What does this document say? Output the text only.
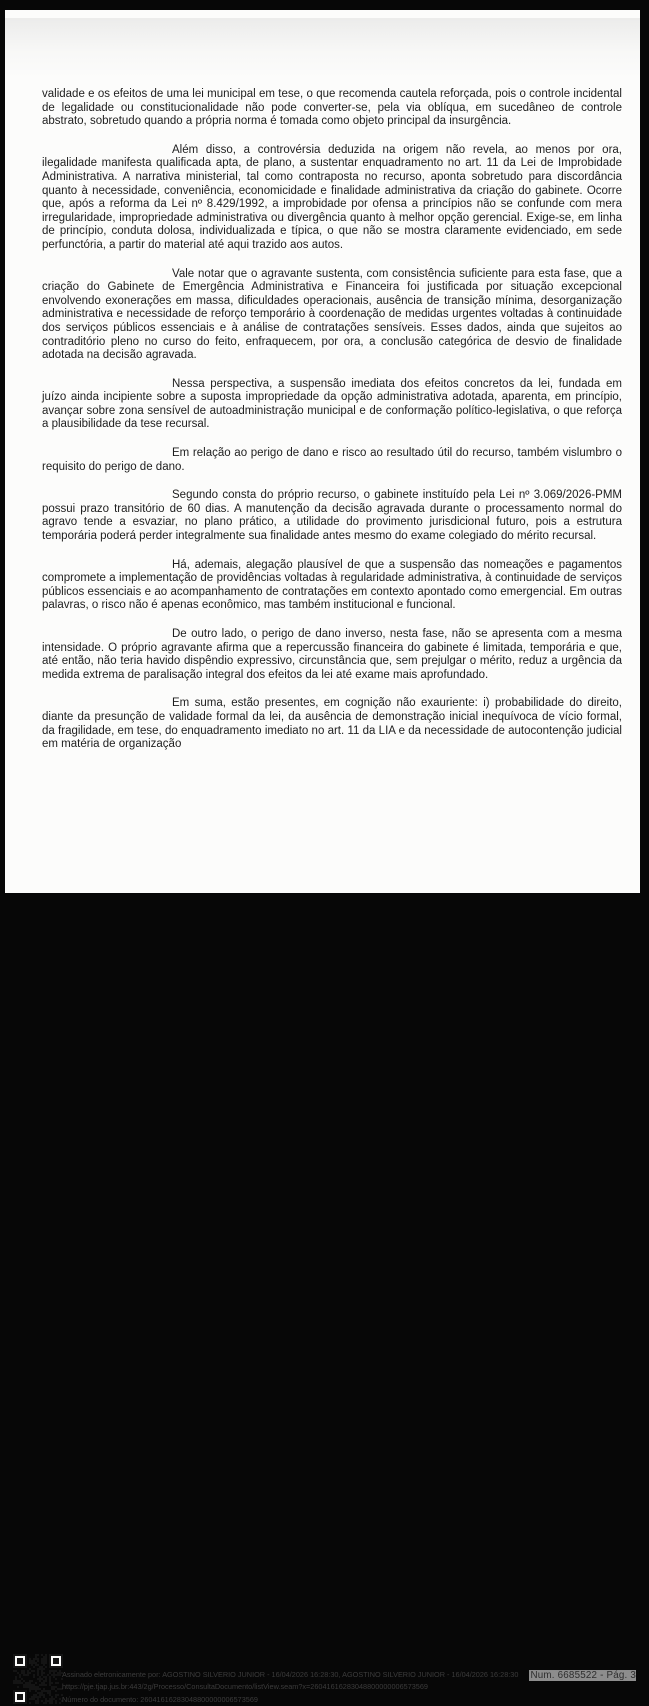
validade e os efeitos de uma lei municipal em tese, o que recomenda cautela reforçada, pois o controle incidental de legalidade ou constitucionalidade não pode converter-se, pela via oblíqua, em sucedâneo de controle abstrato, sobretudo quando a própria norma é tomada como objeto principal da insurgência.

Além disso, a controvérsia deduzida na origem não revela, ao menos por ora, ilegalidade manifesta qualificada apta, de plano, a sustentar enquadramento no art. 11 da Lei de Improbidade Administrativa. A narrativa ministerial, tal como contraposta no recurso, aponta sobretudo para discordância quanto à necessidade, conveniência, economicidade e finalidade administrativa da criação do gabinete. Ocorre que, após a reforma da Lei nº 8.429/1992, a improbidade por ofensa a princípios não se confunde com mera irregularidade, impropriedade administrativa ou divergência quanto à melhor opção gerencial. Exige-se, em linha de princípio, conduta dolosa, individualizada e típica, o que não se mostra claramente evidenciado, em sede perfunctória, a partir do material até aqui trazido aos autos.

Vale notar que o agravante sustenta, com consistência suficiente para esta fase, que a criação do Gabinete de Emergência Administrativa e Financeira foi justificada por situação excepcional envolvendo exonerações em massa, dificuldades operacionais, ausência de transição mínima, desorganização administrativa e necessidade de reforço temporário à coordenação de medidas urgentes voltadas à continuidade dos serviços públicos essenciais e à análise de contratações sensíveis. Esses dados, ainda que sujeitos ao contraditório pleno no curso do feito, enfraquecem, por ora, a conclusão categórica de desvio de finalidade adotada na decisão agravada.

Nessa perspectiva, a suspensão imediata dos efeitos concretos da lei, fundada em juízo ainda incipiente sobre a suposta impropriedade da opção administrativa adotada, aparenta, em princípio, avançar sobre zona sensível de autoadministração municipal e de conformação político-legislativa, o que reforça a plausibilidade da tese recursal.

Em relação ao perigo de dano e risco ao resultado útil do recurso, também vislumbro o requisito do perigo de dano.

Segundo consta do próprio recurso, o gabinete instituído pela Lei nº 3.069/2026-PMM possui prazo transitório de 60 dias. A manutenção da decisão agravada durante o processamento normal do agravo tende a esvaziar, no plano prático, a utilidade do provimento jurisdicional futuro, pois a estrutura temporária poderá perder integralmente sua finalidade antes mesmo do exame colegiado do mérito recursal.

Há, ademais, alegação plausível de que a suspensão das nomeações e pagamentos compromete a implementação de providências voltadas à regularidade administrativa, à continuidade de serviços públicos essenciais e ao acompanhamento de contratações em contexto apontado como emergencial. Em outras palavras, o risco não é apenas econômico, mas também institucional e funcional.

De outro lado, o perigo de dano inverso, nesta fase, não se apresenta com a mesma intensidade. O próprio agravante afirma que a repercussão financeira do gabinete é limitada, temporária e que, até então, não teria havido dispêndio expressivo, circunstância que, sem prejulgar o mérito, reduz a urgência da medida extrema de paralisação integral dos efeitos da lei até exame mais aprofundado.

Em suma, estão presentes, em cognição não exauriente: i) probabilidade do direito, diante da presunção de validade formal da lei, da ausência de demonstração inicial inequívoca de vício formal, da fragilidade, em tese, do enquadramento imediato no art. 11 da LIA e da necessidade de autocontenção judicial em matéria de organização

Assinado eletronicamente por: AGOSTINO SILVERIO JUNIOR - 16/04/2026 16:28:30, AGOSTINO SILVERIO JUNIOR - 16/04/2026 16:28:30
https://pje.tjap.jus.br:443/2g/Processo/ConsultaDocumento/listView.seam?x=26041616283048800000006573569
Número do documento: 26041616283048800000006573569
Num. 6685522 - Pág. 3
